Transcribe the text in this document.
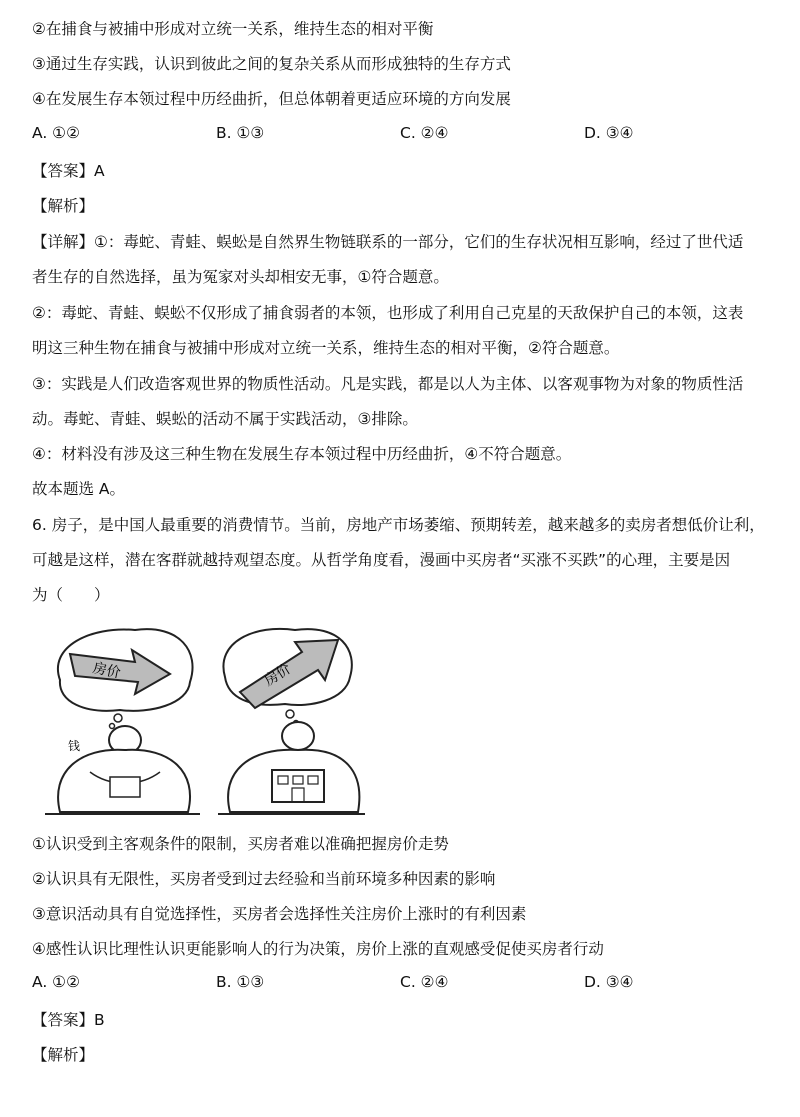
②在捕食与被捕中形成对立统一关系，维持生态的相对平衡
③通过生存实践，认识到彼此之间的复杂关系从而形成独特的生存方式
④在发展生存本领过程中历经曲折，但总体朝着更适应环境的方向发展
A. ①②	B. ①③	C. ②④	D. ③④
【答案】A
【解析】
【详解】①：毒蛇、青蛙、蜈蚣是自然界生物链联系的一部分，它们的生存状况相互影响，经过了世代适
者生存的自然选择，虽为冤家对头却相安无事，①符合题意。
②：毒蛇、青蛙、蜈蚣不仅形成了捕食弱者的本领，也形成了利用自己克星的天敌保护自己的本领，这表
明这三种生物在捕食与被捕中形成对立统一关系，维持生态的相对平衡，②符合题意。
③：实践是人们改造客观世界的物质性活动。凡是实践，都是以人为主体、以客观事物为对象的物质性活
动。毒蛇、青蛙、蜈蚣的活动不属于实践活动，③排除。
④：材料没有涉及这三种生物在发展生存本领过程中历经曲折，④不符合题意。
故本题选 A。
6. 房子，是中国人最重要的消费情节。当前，房地产市场萎缩、预期转差，越来越多的卖房者想低价让利，
可越是这样，潜在客群就越持观望态度。从哲学角度看，漫画中买房者“买涨不买跌”的心理，主要是因
为（　　）
房价
钱
房价
①认识受到主客观条件的限制，买房者难以准确把握房价走势
②认识具有无限性，买房者受到过去经验和当前环境多种因素的影响
③意识活动具有自觉选择性，买房者会选择性关注房价上涨时的有利因素
④感性认识比理性认识更能影响人的行为决策，房价上涨的直观感受促使买房者行动
A. ①②	B. ①③	C. ②④	D. ③④
【答案】B
【解析】
